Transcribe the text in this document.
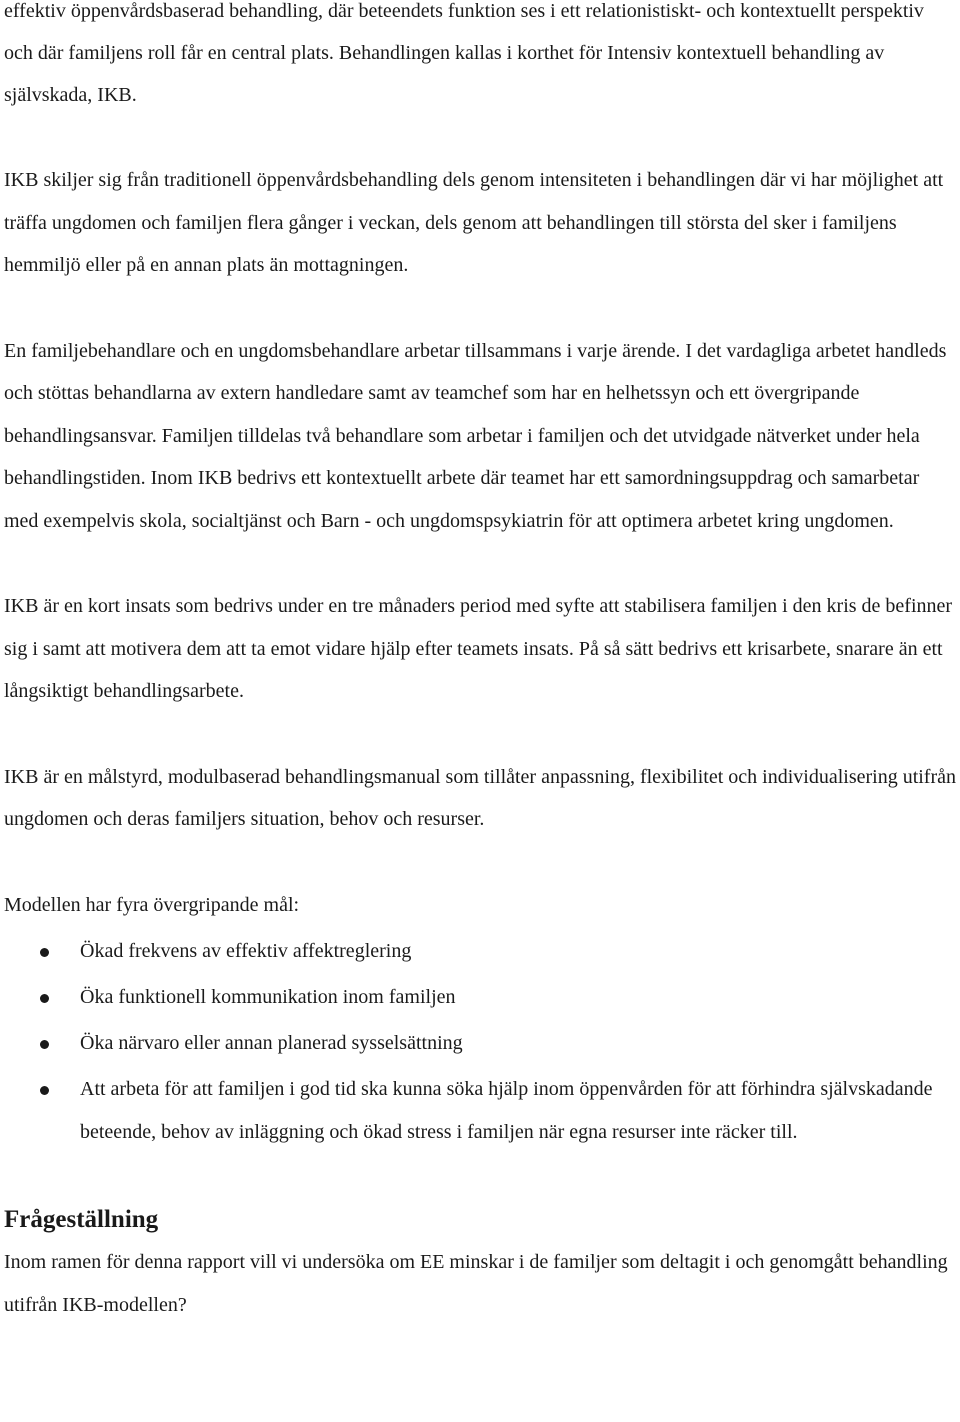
effektiv öppenvårdsbaserad behandling, där beteendets funktion ses i ett relationistiskt- och kontextuellt perspektiv och där familjens roll får en central plats. Behandlingen kallas i korthet för Intensiv kontextuell behandling av självskada, IKB.

IKB skiljer sig från traditionell öppenvårdsbehandling dels genom intensiteten i behandlingen där vi har möjlighet att träffa ungdomen och familjen flera gånger i veckan, dels genom att behandlingen till största del sker i familjens hemmiljö eller på en annan plats än mottagningen.

En familjebehandlare och en ungdomsbehandlare arbetar tillsammans i varje ärende. I det vardagliga arbetet handleds och stöttas behandlarna av extern handledare samt av teamchef som har en helhetssyn och ett övergripande behandlingsansvar. Familjen tilldelas två behandlare som arbetar i familjen och det utvidgade nätverket under hela behandlingstiden. Inom IKB bedrivs ett kontextuellt arbete där teamet har ett samordningsuppdrag och samarbetar med exempelvis skola, socialtjänst och Barn - och ungdomspsykiatrin för att optimera arbetet kring ungdomen.

IKB är en kort insats som bedrivs under en tre månaders period med syfte att stabilisera familjen i den kris de befinner sig i samt att motivera dem att ta emot vidare hjälp efter teamets insats. På så sätt bedrivs ett krisarbete, snarare än ett långsiktigt behandlingsarbete.

IKB är en målstyrd, modulbaserad behandlingsmanual som tillåter anpassning, flexibilitet och individualisering utifrån ungdomen och deras familjers situation, behov och resurser.

Modellen har fyra övergripande mål:

Ökad frekvens av effektiv affektreglering
Öka funktionell kommunikation inom familjen
Öka närvaro eller annan planerad sysselsättning
Att arbeta för att familjen i god tid ska kunna söka hjälp inom öppenvården för att förhindra självskadande beteende, behov av inläggning och ökad stress i familjen när egna resurser inte räcker till.
Frågeställning

Inom ramen för denna rapport vill vi undersöka om EE minskar i de familjer som deltagit i och genomgått behandling utifrån IKB-modellen?
